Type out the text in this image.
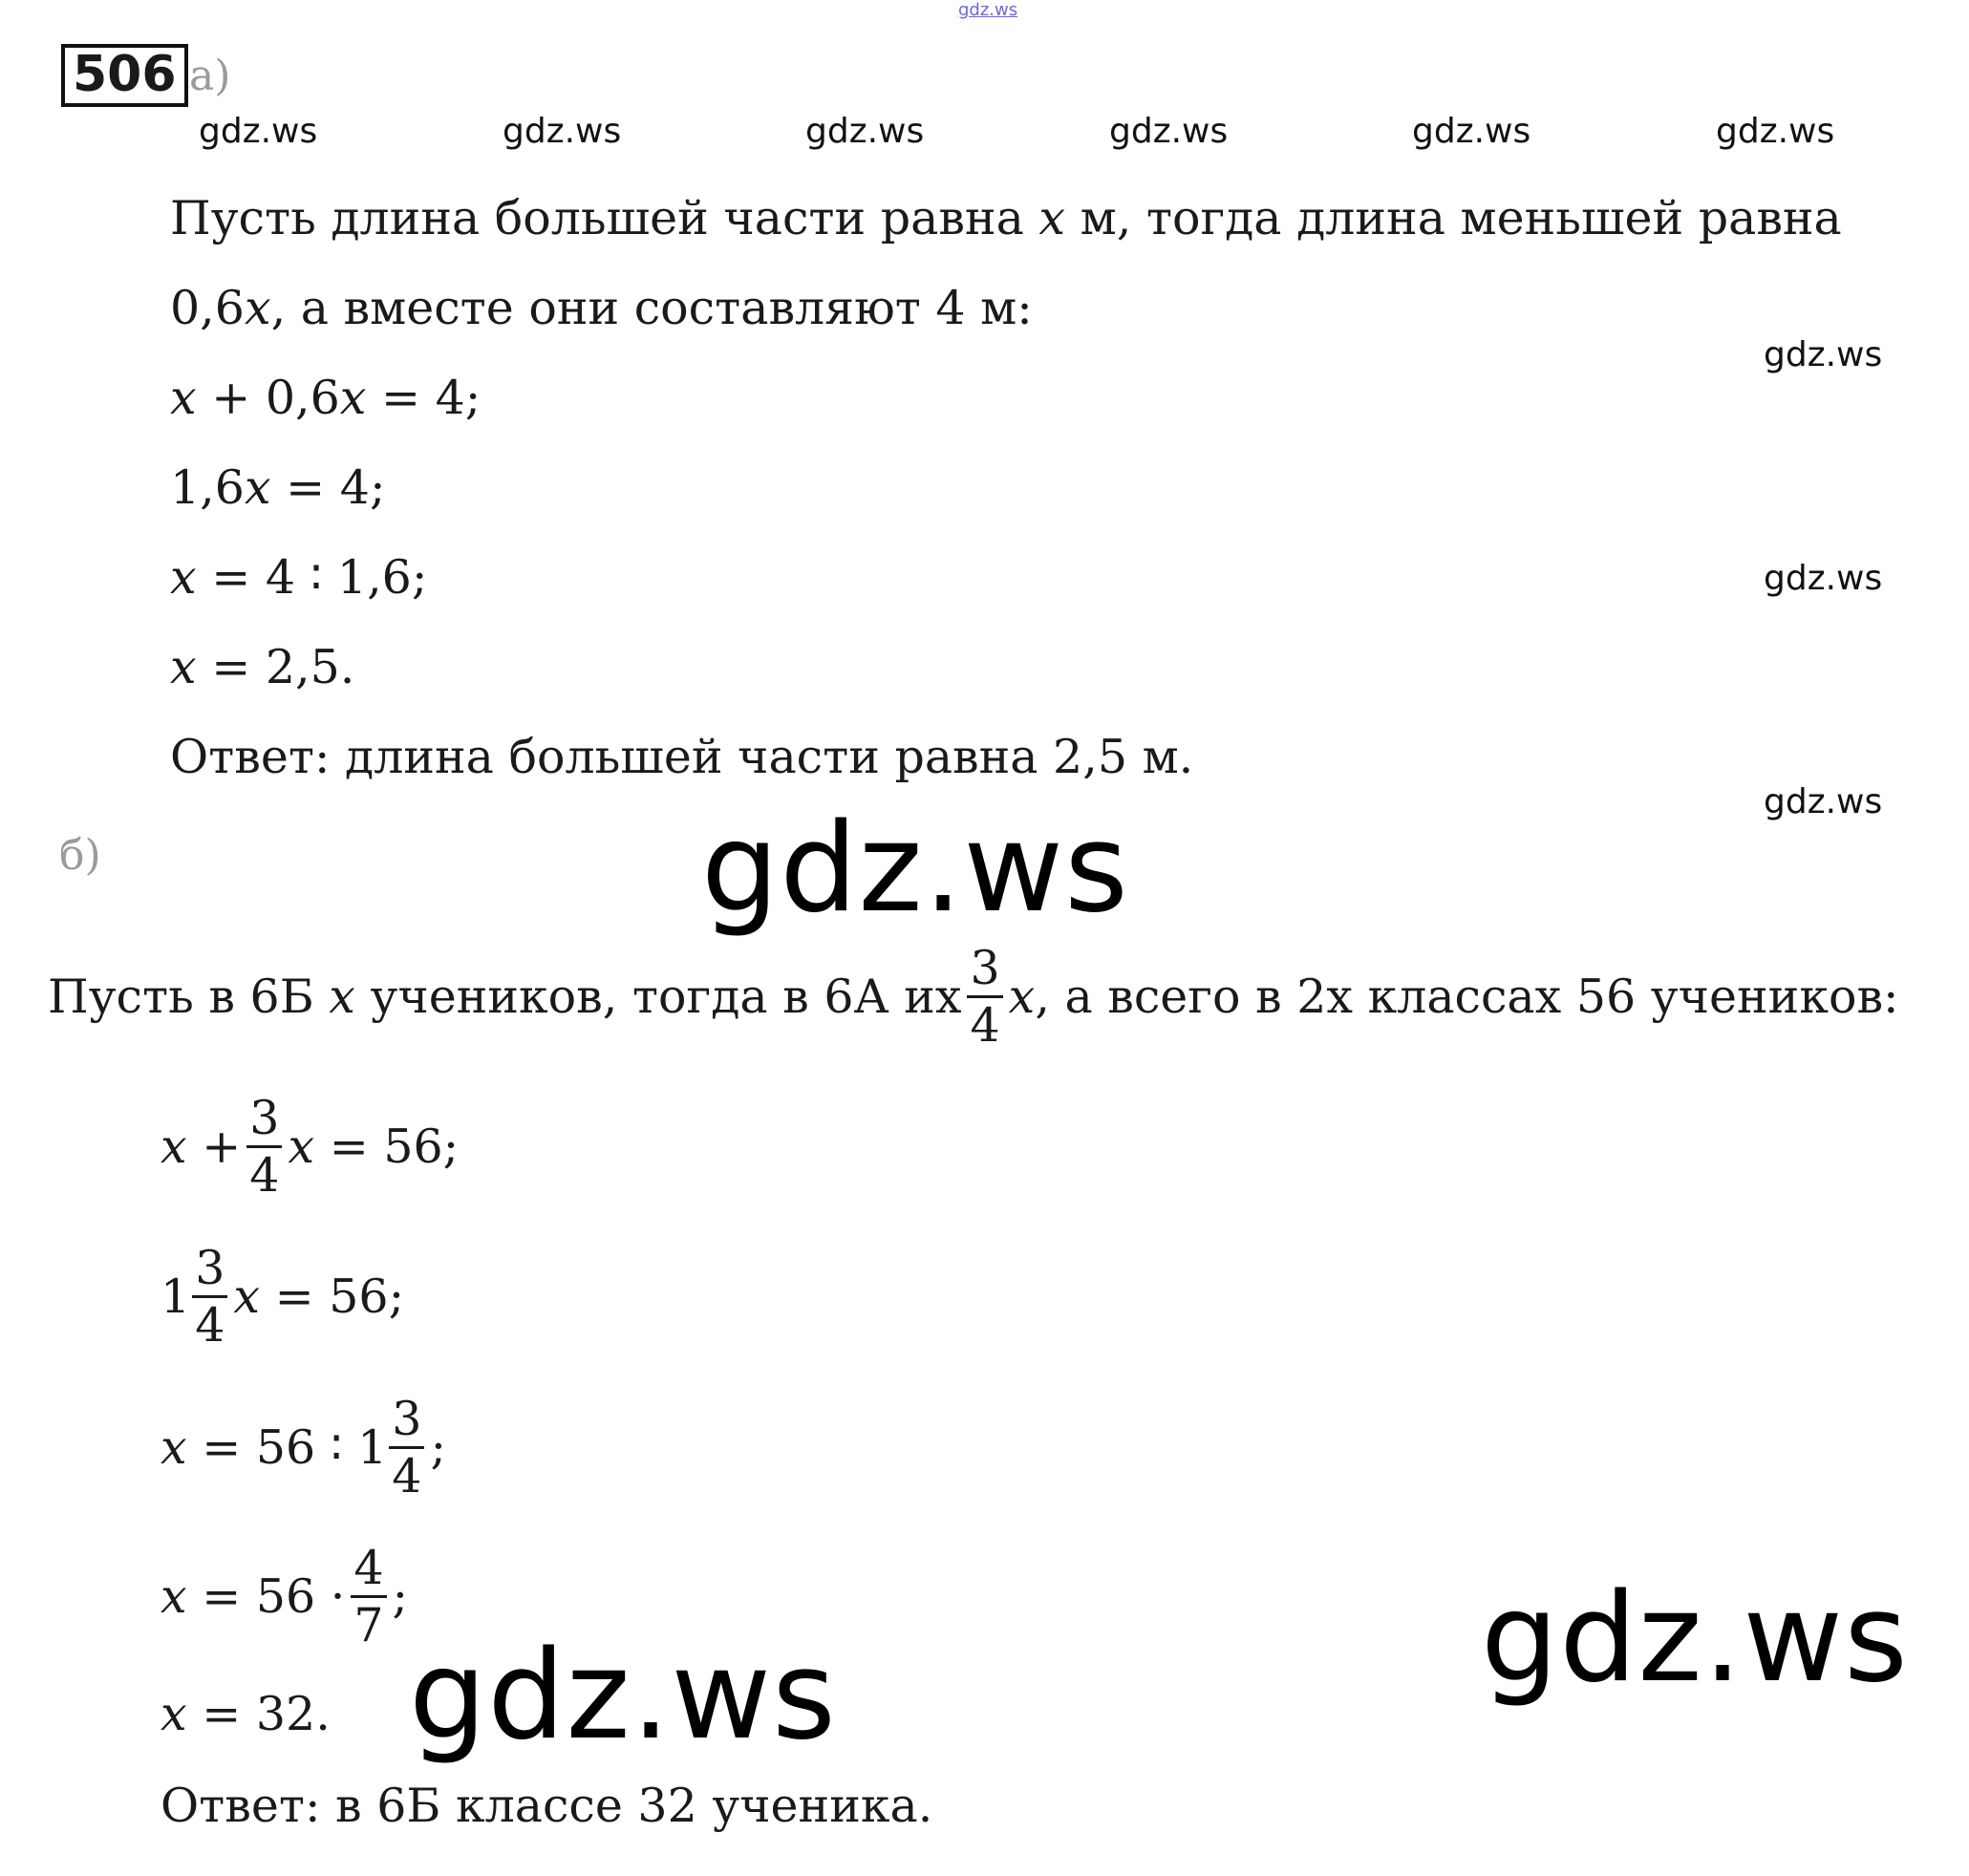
gdz.ws
506 а)
gdz.ws	gdz.ws	gdz.ws	gdz.ws	gdz.ws	gdz.ws
Пусть длина большей части равна x м, тогда длина меньшей равна
0,6x, а вместе они составляют 4 м:
gdz.ws
x + 0,6x = 4;
1,6x = 4;
x = 4 ∶ 1,6;	gdz.ws
x = 2,5.
Ответ: длина большей части равна 2,5 м.
gdz.ws
б)	gdz.ws
Пусть в 6Б
x
учеников, тогда в 6А их $\frac{3}{4}$ x , а всего в 2х классах 56 учеников:
x
+ $\frac{3}{4}$ x
= 56;
$1 \frac{3}{4}$ x
= 56;
x
= 56 ∶ $1 \frac{3}{4}$ ;
x
= $56 \cdot \frac{4}{7}$ ;	gdz.ws
gdz.ws
x = 32.
Ответ: в 6Б классе 32 ученика.
